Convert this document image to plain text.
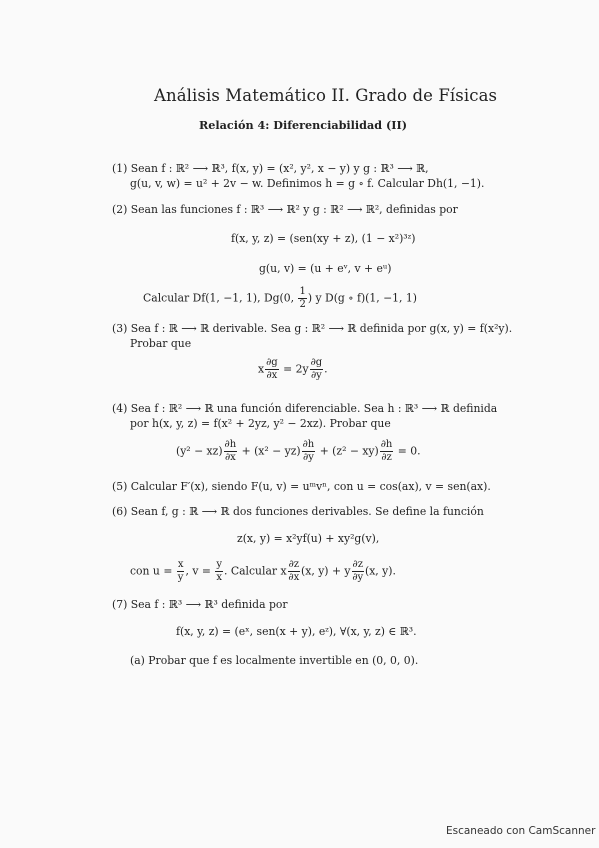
Análisis Matemático II. Grado de Físicas
Relación 4: Diferenciabilidad (II)
(1) Sean f : ℝ² ⟶ ℝ³, f(x, y) = (x², y², x − y) y g : ℝ³ ⟶ ℝ,
g(u, v, w) = u² + 2v − w. Definimos h = g ∘ f. Calcular Dh(1, −1).
(2) Sean las funciones f : ℝ³ ⟶ ℝ² y g : ℝ² ⟶ ℝ², definidas por
f(x, y, z) = (sen(xy + z), (1 − x²)³ᶻ)
g(u, v) = (u + eᵛ, v + eᵘ)
Calcular Df(1, −1, 1), Dg(0, $\frac{1}{2}$ ) y D(g ∘ f)(1, −1, 1)
(3) Sea f : ℝ ⟶ ℝ derivable. Sea g : ℝ² ⟶ ℝ definida por g(x, y) = f(x²y).
Probar que
x $\frac{\partial g}{\partial x} = 2y \frac{\partial g}{\partial y}$ .
(4) Sea f : ℝ² ⟶ ℝ una función diferenciable. Sea h : ℝ³ ⟶ ℝ definida
por h(x, y, z) = f(x² + 2yz, y² − 2xz). Probar que
$(y^2 - xz) \frac{\partial h}{\partial x} + (x^2 - yz) \frac{\partial h}{\partial y} + (z^2 - xy) \frac{\partial h}{\partial z} = 0$.
(5) Calcular F′(x), siendo F(u, v) = uᵐvⁿ, con u = cos(ax), v = sen(ax).
(6) Sean f, g : ℝ ⟶ ℝ dos funciones derivables. Se define la función
z(x, y) = x²yf(u) + xy²g(v),
con $u = \frac{x}{y}$ , $v = \frac{y}{x}$ . Calcular x $\frac{\partial z}{\partial x} (x$, y) + y $\frac{\partial z}{\partial y} (x$, y).
(7) Sea f : ℝ³ ⟶ ℝ³ definida por
f(x, y, z) = (eˣ, sen(x + y), eᶻ), ∀(x, y, z) ∈ ℝ³.
(a) Probar que f es localmente invertible en (0, 0, 0).
Escaneado con CamScanner
